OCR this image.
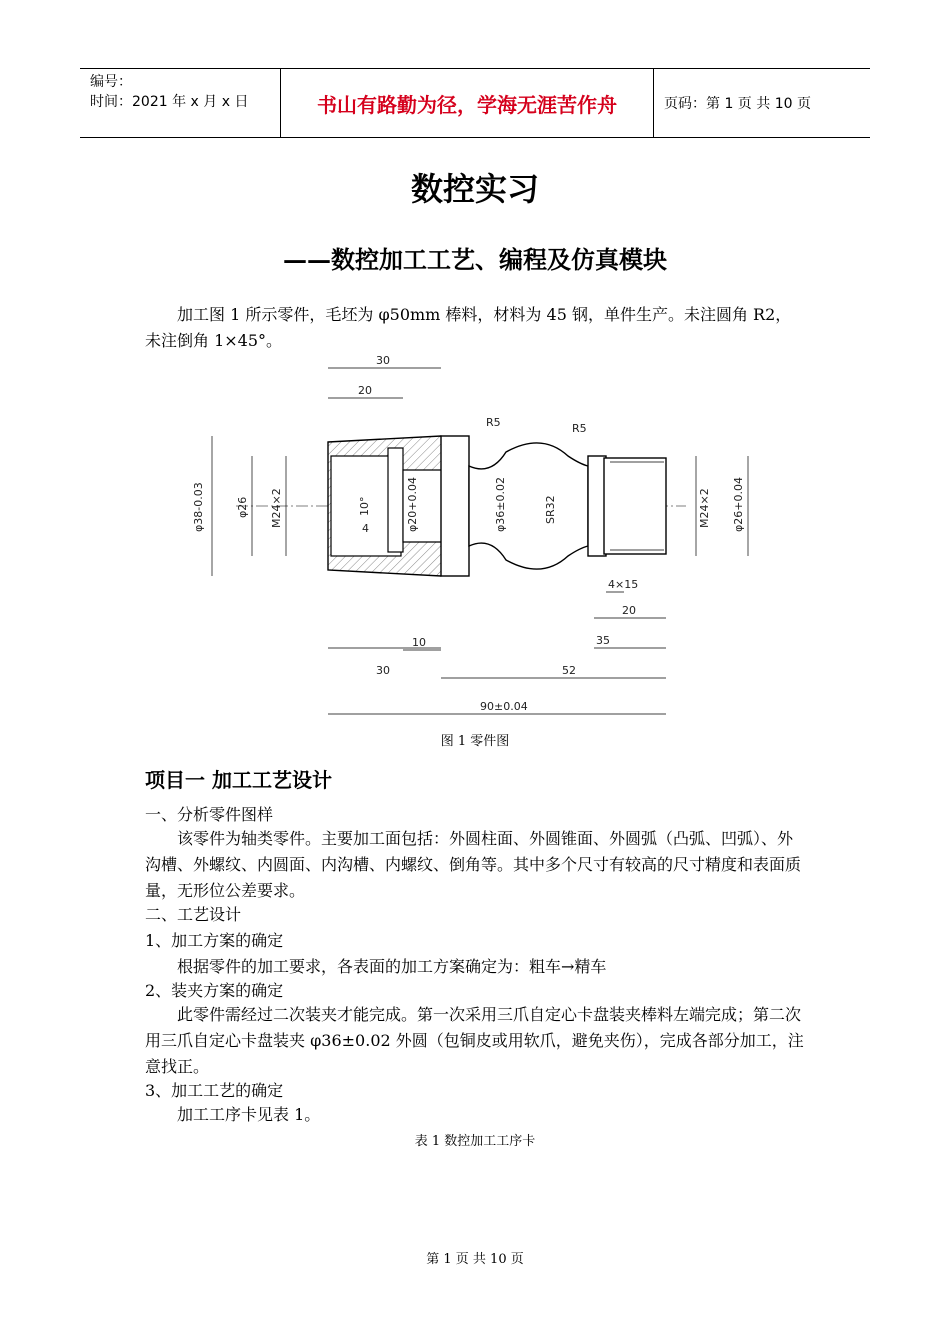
编号：
时间：2021 年 x 月 x 日	书山有路勤为径，学海无涯苦作舟	页码：第 1 页 共 10 页
数控实习
——数控加工工艺、编程及仿真模块
加工图 1 所示零件，毛坯为 φ50mm 棒料，材料为 45 钢，单件生产。未注圆角 R2，未注倒角 1×45°。
30
20
R5	R5
φ38-0.03	φ26 M24×2	10°	φ20+0.04
4	φ36±0.02	SR32	M24×2 φ26+0.04
4×15
20
35
10
30	52
90±0.04
图 1 零件图
项目一 加工工艺设计
一、分析零件图样
该零件为轴类零件。主要加工面包括：外圆柱面、外圆锥面、外圆弧（凸弧、凹弧）、外沟槽、外螺纹、内圆面、内沟槽、内螺纹、倒角等。其中多个尺寸有较高的尺寸精度和表面质量，无形位公差要求。
二、工艺设计
1、加工方案的确定
根据零件的加工要求，各表面的加工方案确定为：粗车→精车
2、装夹方案的确定
此零件需经过二次装夹才能完成。第一次采用三爪自定心卡盘装夹棒料左端完成；第二次用三爪自定心卡盘装夹 φ36±0.02 外圆（包铜皮或用软爪，避免夹伤），完成各部分加工，注意找正。
3、加工工艺的确定
加工工序卡见表 1。
表 1 数控加工工序卡
第 1 页 共 10 页
